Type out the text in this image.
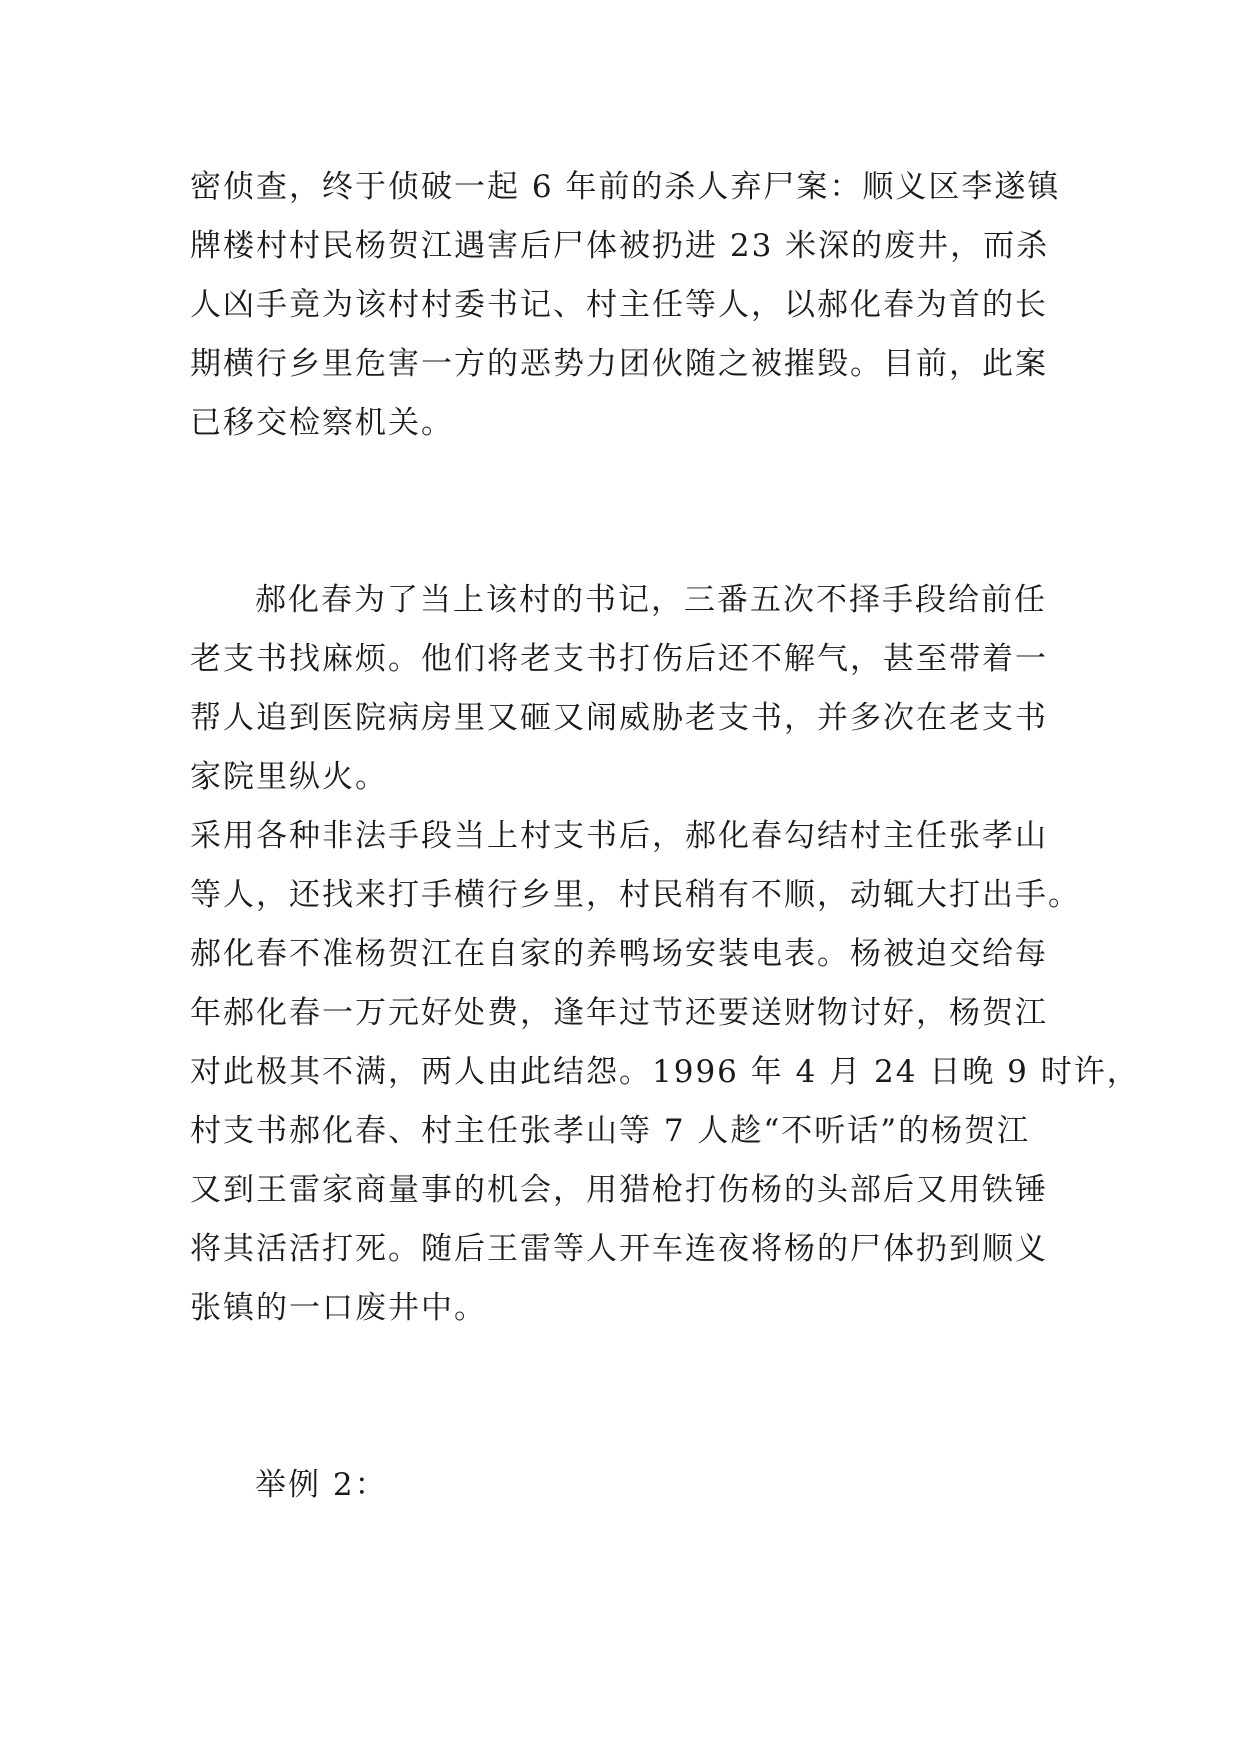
密侦查，终于侦破一起 6 年前的杀人弃尸案：顺义区李遂镇
牌楼村村民杨贺江遇害后尸体被扔进 23 米深的废井，而杀
人凶手竟为该村村委书记、村主任等人，以郝化春为首的长
期横行乡里危害一方的恶势力团伙随之被摧毁。目前，此案
已移交检察机关。
郝化春为了当上该村的书记，三番五次不择手段给前任
老支书找麻烦。他们将老支书打伤后还不解气，甚至带着一
帮人追到医院病房里又砸又闹威胁老支书，并多次在老支书
家院里纵火。
采用各种非法手段当上村支书后，郝化春勾结村主任张孝山
等人，还找来打手横行乡里，村民稍有不顺，动辄大打出手。
郝化春不准杨贺江在自家的养鸭场安装电表。杨被迫交给每
年郝化春一万元好处费，逢年过节还要送财物讨好，杨贺江
对此极其不满，两人由此结怨。1996 年 4 月 24 日晚 9 时许，
村支书郝化春、村主任张孝山等 7 人趁“不听话”的杨贺江
又到王雷家商量事的机会，用猎枪打伤杨的头部后又用铁锤
将其活活打死。随后王雷等人开车连夜将杨的尸体扔到顺义
张镇的一口废井中。
举例 2：
